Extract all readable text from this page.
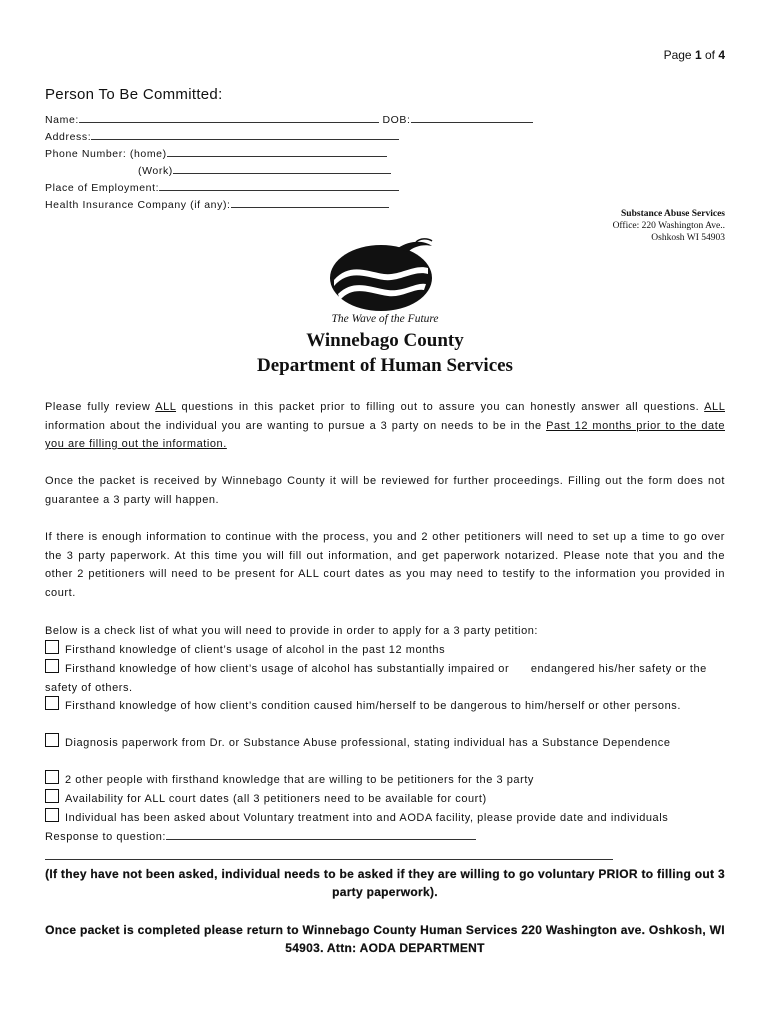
Page 1 of 4
Person To Be Committed:
Name:	DOB:
Address:
Phone Number: (home)
(Work)
Place of Employment:
Health Insurance Company (if any):
Substance Abuse Services
Office: 220 Washington Ave..
Oshkosh WI 54903
The Wave of the Future
Winnebago County
Department of Human Services
Please fully review ALL questions in this packet prior to filling out to assure you can honestly answer all questions. ALL information about the individual you are wanting to pursue a 3 party on needs to be in the Past 12 months prior to the date you are filling out the information.
Once the packet is received by Winnebago County it will be reviewed for further proceedings. Filling out the form does not guarantee a 3 party will happen.
If there is enough information to continue with the process, you and 2 other petitioners will need to set up a time to go over the 3 party paperwork. At this time you will fill out information, and get paperwork notarized. Please note that you and the other 2 petitioners will need to be present for ALL court dates as you may need to testify to the information you provided in court.
Below is a check list of what you will need to provide in order to apply for a 3 party petition:
Firsthand knowledge of client’s usage of alcohol in the past 12 months
Firsthand knowledge of how client’s usage of alcohol has substantially impaired or      endangered his/her safety or the safety of others.
Firsthand knowledge of how client’s condition caused him/herself to be dangerous to him/herself or other persons.
Diagnosis paperwork from Dr. or Substance Abuse professional, stating individual has a Substance Dependence
2 other people with firsthand knowledge that are willing to be petitioners for the 3 party
Availability for ALL court dates (all 3 petitioners need to be available for court)
Individual has been asked about Voluntary treatment into and AODA facility, please provide date and individuals Response to question:
(If they have not been asked, individual needs to be asked if they are willing to go voluntary PRIOR to filling out 3 party paperwork).
Once packet is completed please return to Winnebago County Human Services 220 Washington ave. Oshkosh, WI 54903. Attn: AODA DEPARTMENT
